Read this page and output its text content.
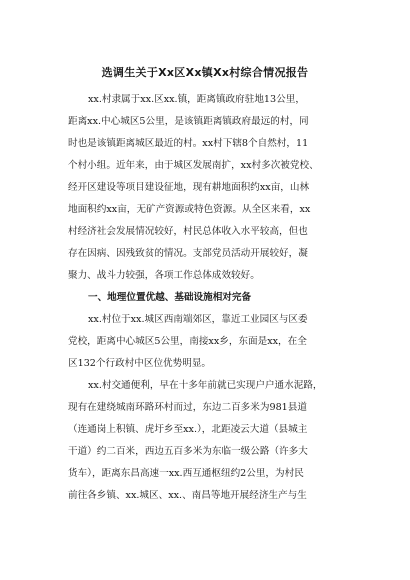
选调生关于Xx区Xx镇Xx村综合情况报告

xx.村隶属于xx.区xx.镇，距离镇政府驻地13公里，

距离xx.中心城区5公里，是该镇距离镇政府最远的村，同

时也是该镇距离城区最近的村。xx村下辖8个自然村，11

个村小组。近年来，由于城区发展南扩，xx村多次被党校、

经开区建设等项目建设征地，现有耕地面积约xx亩，山林

地面积约xx亩，无矿产资源或特色资源。从全区来看，xx

村经济社会发展情况较好，村民总体收入水平较高，但也

存在因病、因残致贫的情况。支部党员活动开展较好，凝

聚力、战斗力较强，各项工作总体成效较好。

一、地理位置优越、基础设施相对完备

xx.村位于xx.城区西南端郊区，靠近工业园区与区委

党校，距离中心城区5公里，南接xx乡，东面是xx，在全

区132个行政村中区位优势明显。

xx.村交通便利，早在十多年前就已实现户户通水泥路，

现有在建绕城南环路环村而过，东边二百多米为981县道

（连通岗上积镇、虎圩乡至xx.），北距凌云大道（县城主

干道）约二百米，西边五百多米为东临一级公路（许多大

货车），距离东昌高速一xx.西互通枢纽约2公里，为村民

前往各乡镇、xx.城区、xx.、南昌等地开展经济生产与生
